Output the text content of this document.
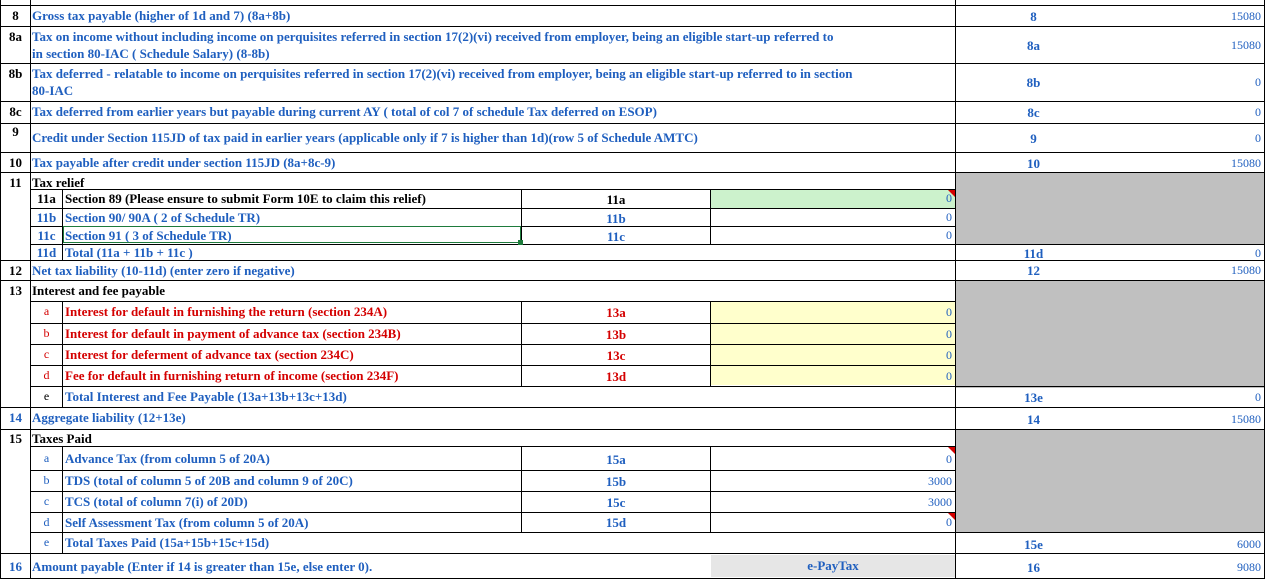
8	Gross tax payable (higher of 1d and 7) (8a+8b)	8	15080
8a Tax on income without including income on perquisites referred in section 17(2)(vi) received from employer, being an eligible start-up referred to
in section 80-IAC ( Schedule Salary) (8-8b)
8a	15080
8b Tax deferred - relatable to income on perquisites referred in section 17(2)(vi) received from employer, being an eligible start-up referred to in section
80-IAC
8b	0
8c Tax deferred from earlier years but payable during current AY ( total of col 7 of schedule Tax deferred on ESOP)	8c	0
9	Credit under Section 115JD of tax paid in earlier years (applicable only if 7 is higher than 1d)(row 5 of Schedule AMTC)	9	0
10 Tax payable after credit under section 115JD (8a+8c-9)	10	15080
11 Tax relief
11a Section 89 (Please ensure to submit Form 10E to claim this relief)	11a	0
11b Section 90/ 90A ( 2 of Schedule TR)	11b	0
11c Section 91 ( 3 of Schedule TR)	11c	0
11d Total (11a + 11b + 11c )	11d	0
12 Net tax liability (10-11d) (enter zero if negative)	12	15080
13 Interest and fee payable
a	Interest for default in furnishing the return (section 234A)	13a	0
b	Interest for default in payment of advance tax (section 234B)	13b	0
c	Interest for deferment of advance tax (section 234C)	13c	0
d	Fee for default in furnishing return of income (section 234F)	13d	0
e	Total Interest and Fee Payable (13a+13b+13c+13d)	13e	0
14 Aggregate liability (12+13e)	14	15080
15 Taxes Paid
a	Advance Tax (from column 5 of 20A)	15a	0
b	TDS (total of column 5 of 20B and column 9 of 20C)	15b	3000
c	TCS (total of column 7(i) of 20D)	15c	3000
d	Self Assessment Tax (from column 5 of 20A)	15d	0
e	Total Taxes Paid (15a+15b+15c+15d)	15e	6000
16 Amount payable (Enter if 14 is greater than 15e, else enter 0).	e-PayTax	16	9080
